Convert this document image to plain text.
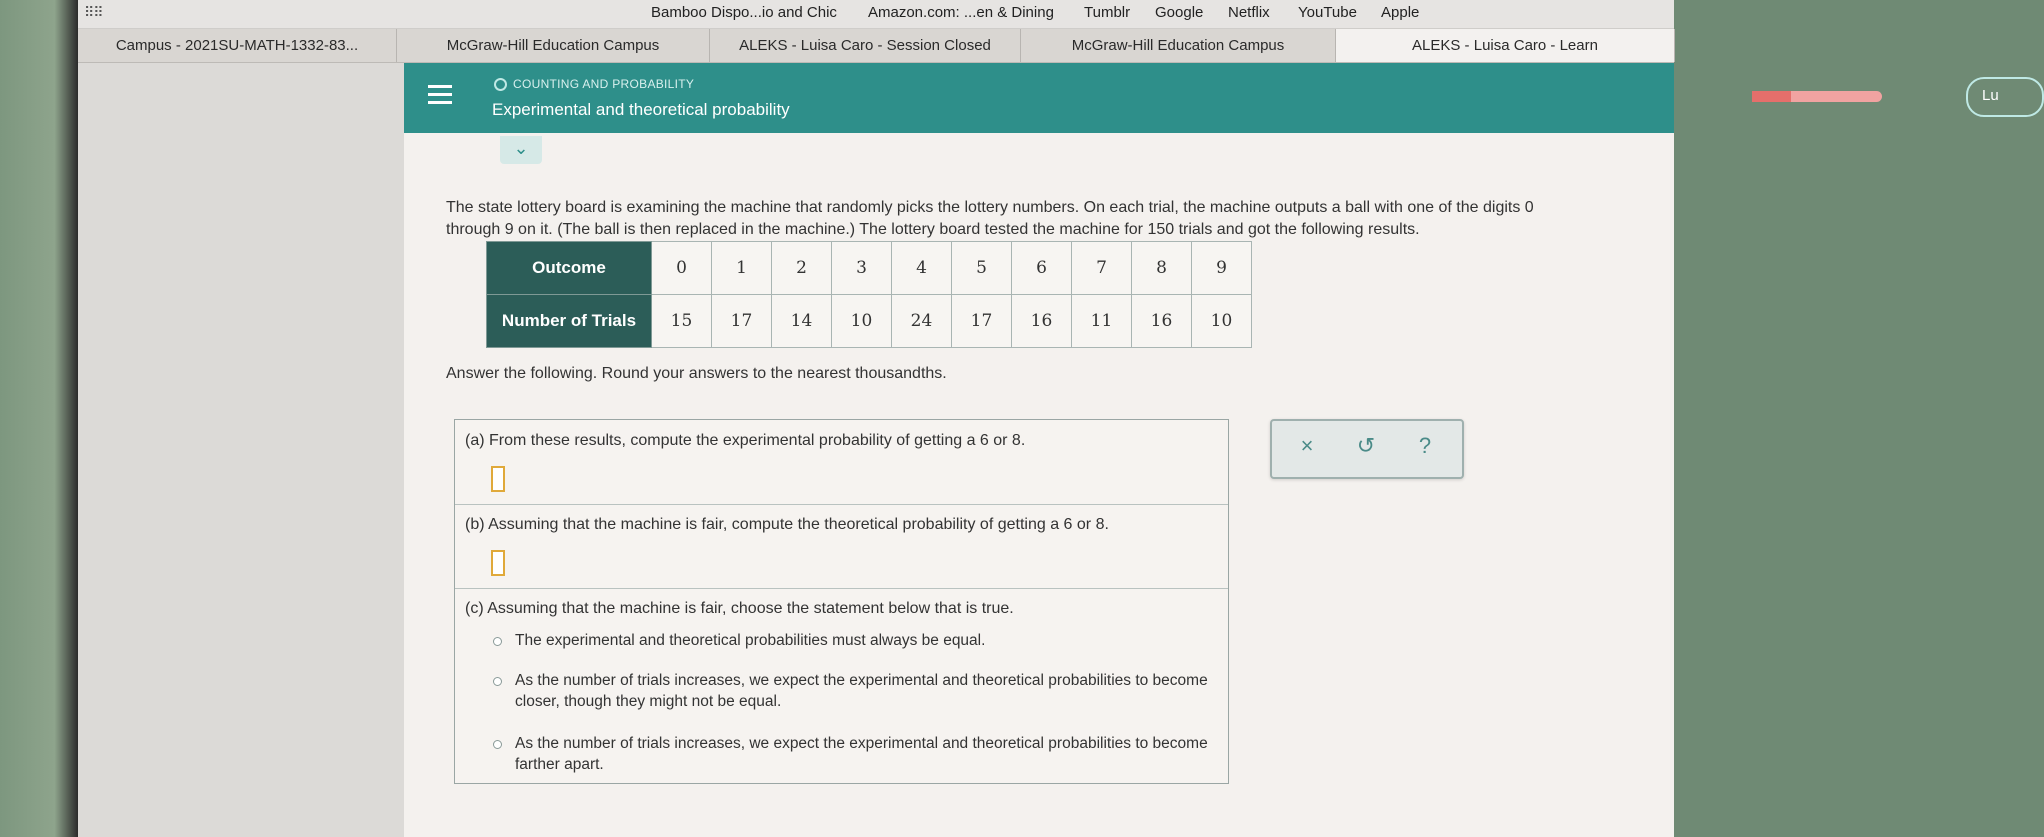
⠿⠿	Bamboo Dispo...io and Chic Amazon.com: ...en & Dining Tumblr Google Netflix YouTube Apple
Campus - 2021SU-MATH-1332-83...	McGraw-Hill Education Campus	ALEKS - Luisa Caro - Session Closed	McGraw-Hill Education Campus	ALEKS - Luisa Caro - Learn
COUNTING AND PROBABILITY
Experimental and theoretical probability
Lu

The state lottery board is examining the machine that randomly picks the lottery numbers. On each trial, the machine outputs a ball with one of the digits 0 through 9 on it. (The ball is then replaced in the machine.) The lottery board tested the machine for 150 trials and got the following results.

Outcome	0	1	2	3	4	5	6	7	8	9
Number of Trials	15	17	14	10	24	17	16	11	16	10
Answer the following. Round your answers to the nearest thousandths.
(a) From these results, compute the experimental probability of getting a 6 or 8.
(b) Assuming that the machine is fair, compute the theoretical probability of getting a 6 or 8.
(c) Assuming that the machine is fair, choose the statement below that is true.
The experimental and theoretical probabilities must always be equal.
As the number of trials increases, we expect the experimental and theoretical probabilities to become closer, though they might not be equal.
As the number of trials increases, we expect the experimental and theoretical probabilities to become farther apart.
×	↺	?
⌄
